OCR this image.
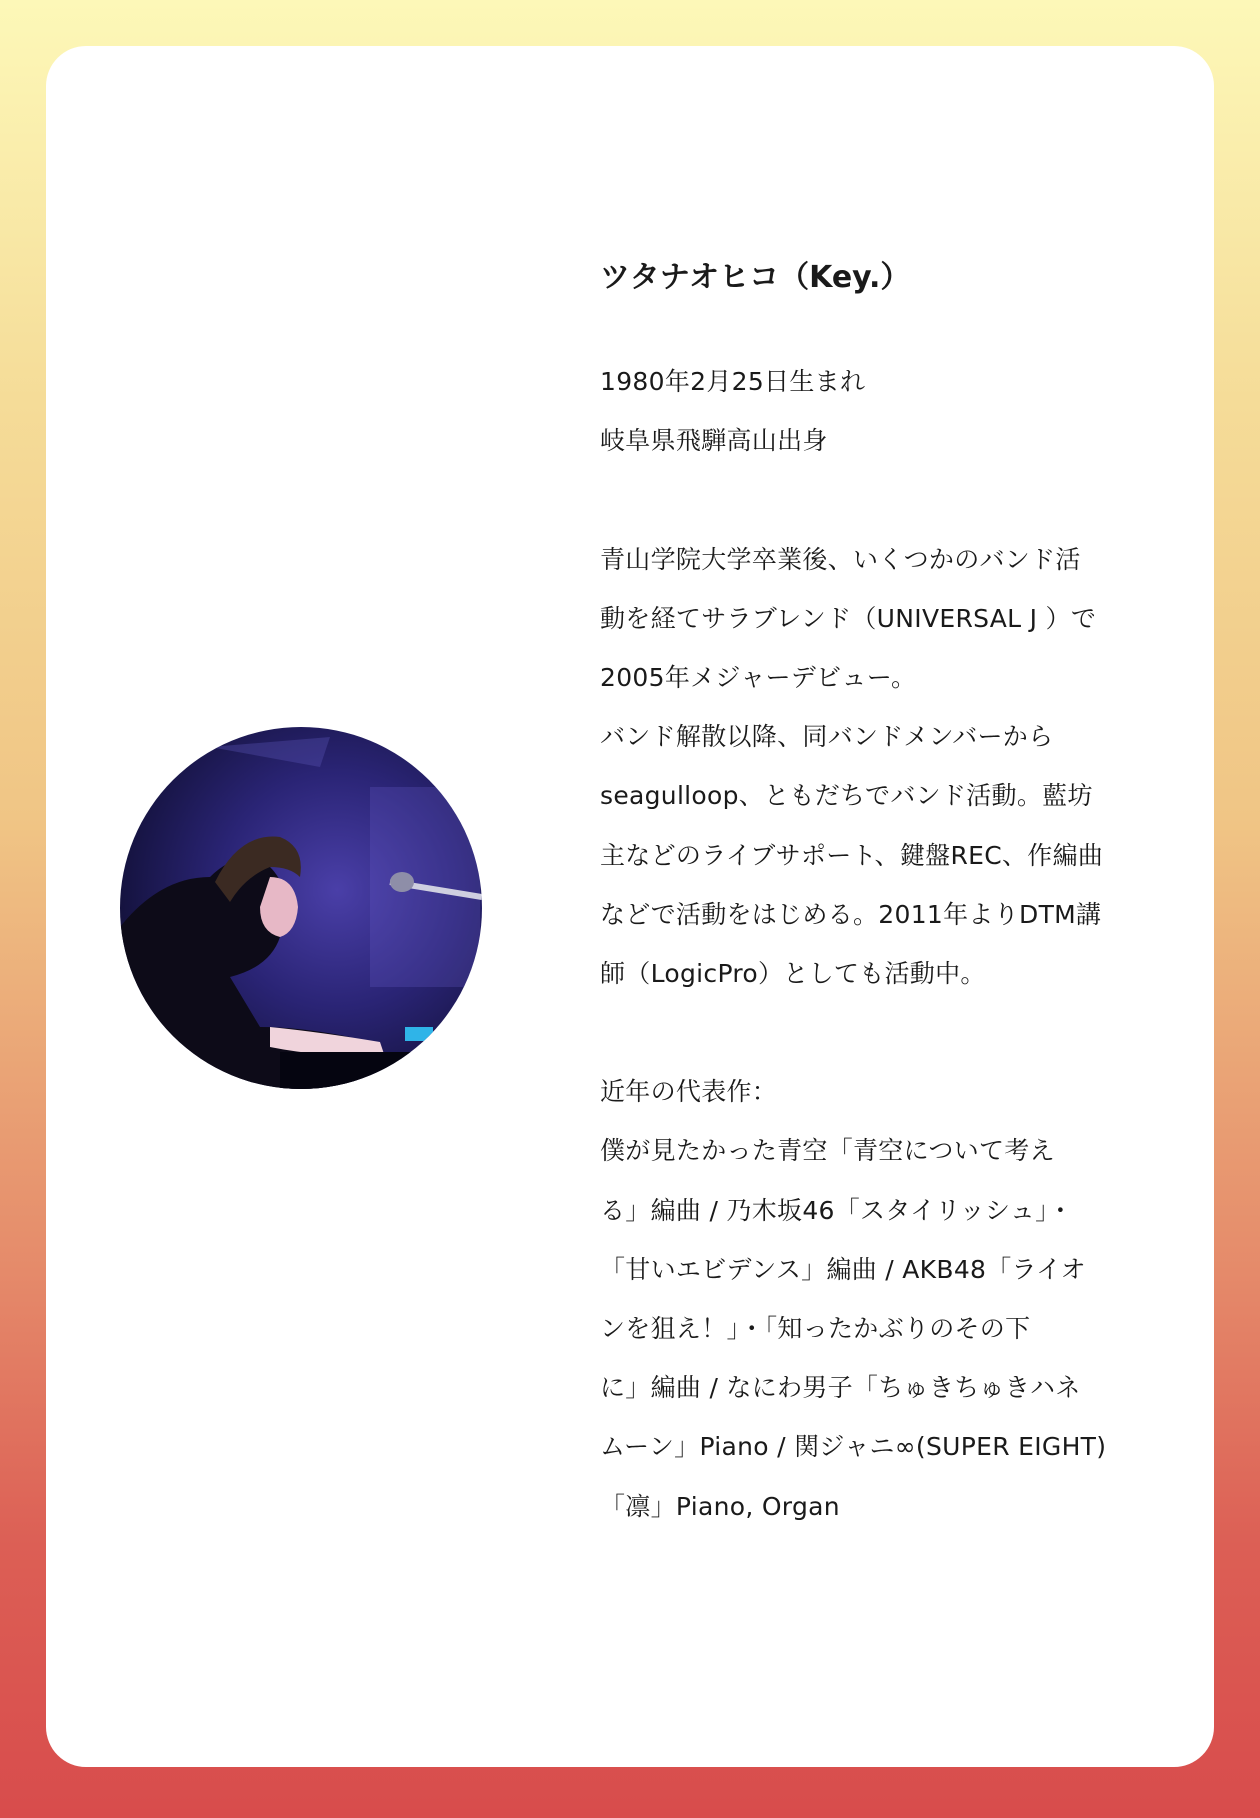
ツタナオヒコ（Key.）
1980年2月25日生まれ
岐阜県飛騨高山出身
青山学院大学卒業後、いくつかのバンド活
動を経てサラブレンド（UNIVERSAL J ）で
2005年メジャーデビュー。
バンド解散以降、同バンドメンバーから
seagulloop、ともだちでバンド活動。藍坊
主などのライブサポート、鍵盤REC、作編曲
などで活動をはじめる。2011年よりDTM講
師（LogicPro）としても活動中。
近年の代表作：
僕が見たかった青空「青空について考え
る」編曲 / 乃木坂46「スタイリッシュ」・
「甘いエビデンス」編曲 / AKB48「ライオ
ンを狙え！」・「知ったかぶりのその下
に」編曲 / なにわ男子「ちゅきちゅきハネ
ムーン」Piano / 関ジャニ∞(SUPER EIGHT)
「凛」Piano, Organ
